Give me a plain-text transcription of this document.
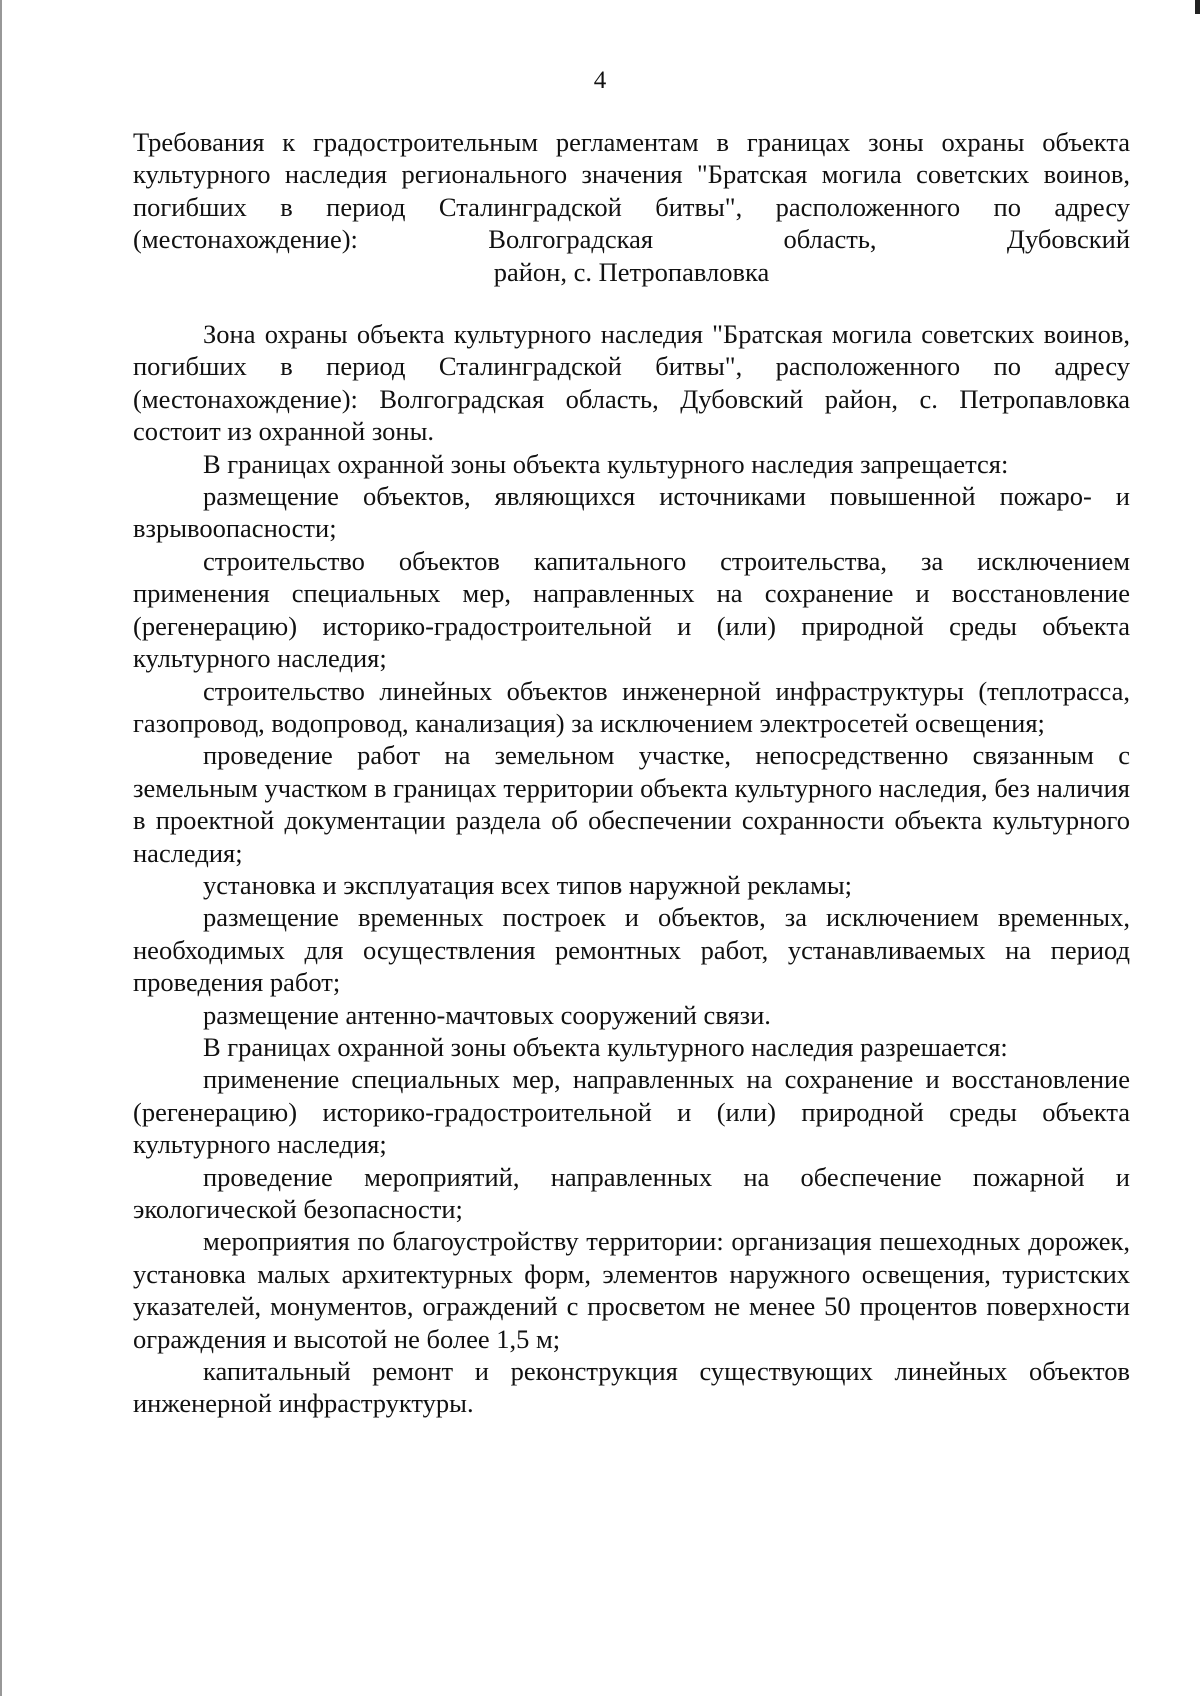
4

Требования к градостроительным регламентам в границах зоны охраны объекта

культурного наследия регионального значения "Братская могила советских воинов,

погибших в период Сталинградской битвы", расположенного по адресу

(местонахождение): Волгоградская область, Дубовский

район, с. Петропавловка

Зона охраны объекта культурного наследия "Братская могила советских воинов, погибших в период Сталинградской битвы", расположенного по адресу (местонахождение): Волгоградская область, Дубовский район, с. Петропавловка состоит из охранной зоны.

В границах охранной зоны объекта культурного наследия запрещается:

размещение объектов, являющихся источниками повышенной пожаро- и взрывоопасности;

строительство объектов капитального строительства, за исключением применения специальных мер, направленных на сохранение и восстановление (регенерацию) историко-градостроительной и (или) природной среды объекта культурного наследия;

строительство линейных объектов инженерной инфраструктуры (теплотрасса, газопровод, водопровод, канализация) за исключением электросетей освещения;

проведение работ на земельном участке, непосредственно связанным с земельным участком в границах территории объекта культурного наследия, без наличия в проектной документации раздела об обеспечении сохранности объекта культурного наследия;

установка и эксплуатация всех типов наружной рекламы;

размещение временных построек и объектов, за исключением временных, необходимых для осуществления ремонтных работ, устанавливаемых на период проведения работ;

размещение антенно-мачтовых сооружений связи.

В границах охранной зоны объекта культурного наследия разрешается:

применение специальных мер, направленных на сохранение и восстановление (регенерацию) историко-градостроительной и (или) природной среды объекта культурного наследия;

проведение мероприятий, направленных на обеспечение пожарной и экологической безопасности;

мероприятия по благоустройству территории: организация пешеходных дорожек, установка малых архитектурных форм, элементов наружного освещения, туристских указателей, монументов, ограждений с просветом не менее 50 процентов поверхности ограждения и высотой не более 1,5 м;

капитальный ремонт и реконструкция существующих линейных объектов инженерной инфраструктуры.
